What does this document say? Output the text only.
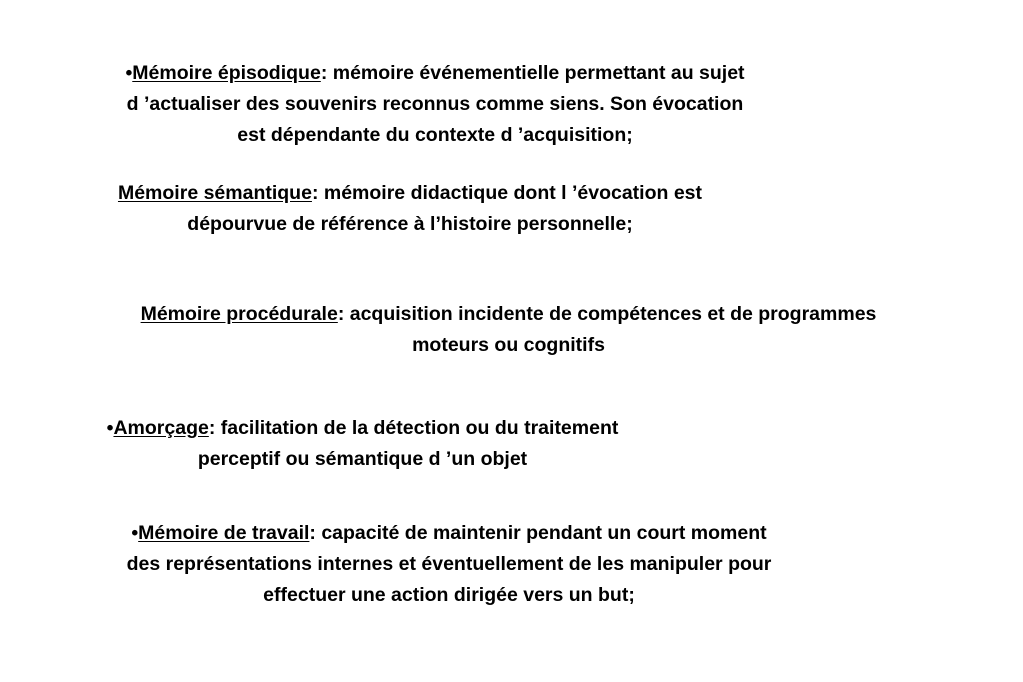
•Mémoire épisodique: mémoire événementielle permettant au sujet
d ’actualiser des souvenirs reconnus comme siens. Son évocation
est dépendante du contexte d ’acquisition;
Mémoire sémantique: mémoire didactique dont l ’évocation est
dépourvue de référence à l’histoire personnelle;
Mémoire procédurale: acquisition incidente de compétences et de programmes
moteurs ou cognitifs
•Amorçage: facilitation de la détection ou du traitement
perceptif ou sémantique d ’un objet
•Mémoire de travail: capacité de maintenir pendant un court moment
des représentations internes et éventuellement de les manipuler pour
effectuer une action dirigée vers un but;
